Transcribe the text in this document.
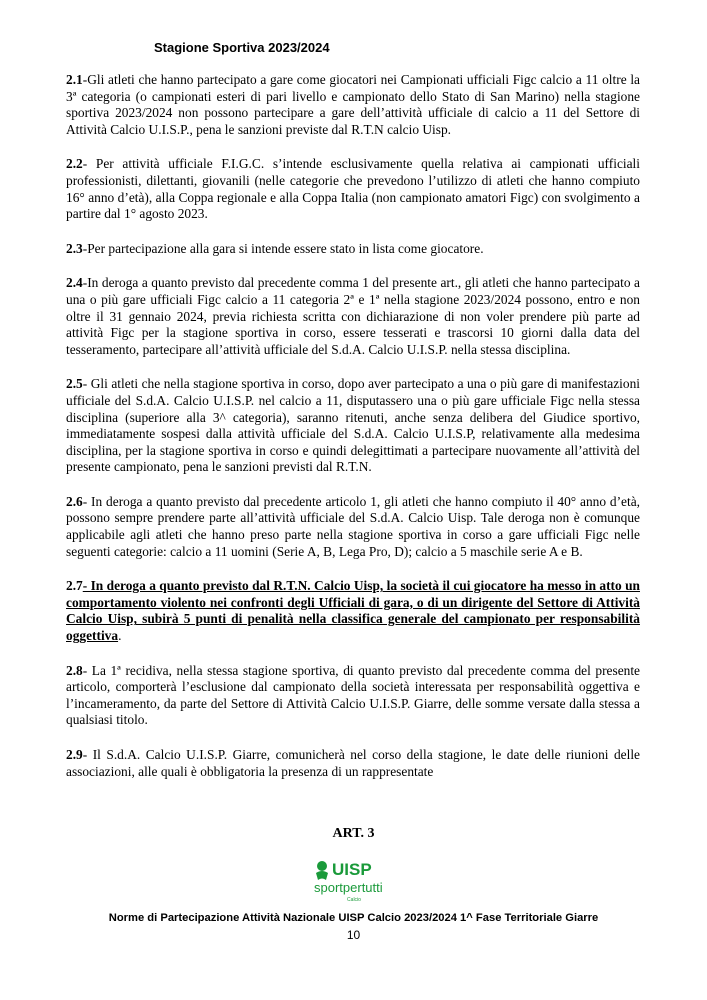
Stagione Sportiva 2023/2024

2.1-Gli atleti che hanno partecipato a gare come giocatori nei Campionati ufficiali Figc calcio a 11 oltre la 3ª categoria (o campionati esteri di pari livello e campionato dello Stato di San Marino) nella stagione sportiva 2023/2024 non possono partecipare a gare dell’attività ufficiale di calcio a 11 del Settore di Attività Calcio U.I.S.P., pena le sanzioni previste dal R.T.N calcio Uisp.

2.2- Per attività ufficiale F.I.G.C. s’intende esclusivamente quella relativa ai campionati ufficiali professionisti, dilettanti, giovanili (nelle categorie che prevedono l’utilizzo di atleti che hanno compiuto 16° anno d’età), alla Coppa regionale e alla Coppa Italia (non campionato amatori Figc) con svolgimento a partire dal 1° agosto 2023.

2.3-Per partecipazione alla gara si intende essere stato in lista come giocatore.

2.4-In deroga a quanto previsto dal precedente comma 1 del presente art., gli atleti che hanno partecipato a una o più gare ufficiali Figc calcio a 11 categoria 2ª e 1ª nella stagione 2023/2024 possono, entro e non oltre il 31 gennaio 2024, previa richiesta scritta con dichiarazione di non voler prendere più parte ad attività Figc per la stagione sportiva in corso, essere tesserati e trascorsi 10 giorni dalla data del tesseramento, partecipare all’attività ufficiale del S.d.A. Calcio U.I.S.P. nella stessa disciplina.

2.5- Gli atleti che nella stagione sportiva in corso, dopo aver partecipato a una o più gare di manifestazioni ufficiale del S.d.A. Calcio U.I.S.P. nel calcio a 11, disputassero una o più gare ufficiale Figc nella stessa disciplina (superiore alla 3^ categoria), saranno ritenuti, anche senza delibera del Giudice sportivo, immediatamente sospesi dalla attività ufficiale del S.d.A. Calcio U.I.S.P, relativamente alla medesima disciplina, per la stagione sportiva in corso e quindi delegittimati a partecipare nuovamente all’attività del presente campionato, pena le sanzioni previsti dal R.T.N.

2.6- In deroga a quanto previsto dal precedente articolo 1, gli atleti che hanno compiuto il 40° anno d’età, possono sempre prendere parte all’attività ufficiale del S.d.A. Calcio Uisp. Tale deroga non è comunque applicabile agli atleti che hanno preso parte nella stagione sportiva in corso a gare ufficiali Figc nelle seguenti categorie: calcio a 11 uomini (Serie A, B, Lega Pro, D); calcio a 5 maschile serie A e B.

2.7- In deroga a quanto previsto dal R.T.N. Calcio Uisp, la società il cui giocatore ha messo in atto un comportamento violento nei confronti degli Ufficiali di gara, o di un dirigente del Settore di Attività Calcio Uisp, subirà 5 punti di penalità nella classifica generale del campionato per responsabilità oggettiva.

2.8- La 1ª recidiva, nella stessa stagione sportiva, di quanto previsto dal precedente comma del presente articolo, comporterà l’esclusione dal campionato della società interessata per responsabilità oggettiva e l’incameramento, da parte del Settore di Attività Calcio U.I.S.P. Giarre, delle somme versate dalla stessa a qualsiasi titolo.

2.9- Il S.d.A. Calcio U.I.S.P. Giarre, comunicherà nel corso della stagione, le date delle riunioni delle associazioni, alle quali è obbligatoria la presenza di un rappresentate

ART. 3
UISP
sportpertutti
Calcio
Norme di Partecipazione Attività Nazionale UISP Calcio 2023/2024 1^ Fase Territoriale Giarre
10
